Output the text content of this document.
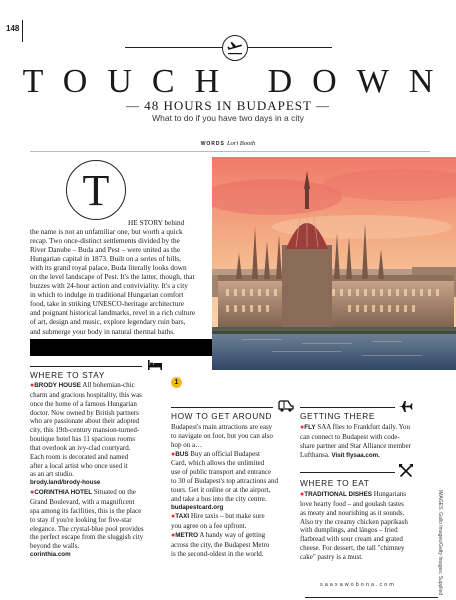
148
TOUCH DOWN
— 48 HOURS IN BUDAPEST —
What to do if you have two days in a city
WORDS Lori Booth
T
HE STORY behind
the name is not an unfamiliar one, but worth a quick
recap. Two once-distinct settlements divided by the
River Danube – Buda and Pest – were united as the
Hungarian capital in 1873. Built on a series of hills,
with its grand royal palace, Buda literally looks down
on the level landscape of Pest. It's the latter, though, that
buzzes with 24-hour action and conviviality. It's a city
in which to indulge in traditional Hungarian comfort
food, take in striking UNESCO-heritage architecture
and poignant historical landmarks, revel in a rich culture
of art, design and music, explore legendary ruin bars,
and submerge your body in natural thermal baths.
WHERE TO STAY
1
●BRODY HOUSE All bohemian-chic
charm and gracious hospitality, this was
once the home of a famous Hungarian
doctor. Now owned by British partners
who are passionate about their adopted
city, this 19th-century mansion-turned-
boutique hotel has 11 spacious rooms
that overlook an ivy-clad courtyard.
Each room is decorated and named
after a local artist who once used it
as an art studio.
brody.land/brody-house
●CORINTHIA HOTEL Situated on the
Grand Boulevard, with a magnificent
spa among its facilities, this is the place
to stay if you're looking for five-star
elegance. The crystal-blue pool provides
the perfect escape from the sluggish city
beyond the walls.
corinthia.com
HOW TO GET AROUND
Budapest's main attractions are easy
to navigate on foot, but you can also
hop on a…
●BUS Buy an official Budapest
Card, which allows the unlimited
use of public transport and entrance
to 30 of Budapest's top attractions and
tours. Get it online or at the airport,
and take a bus into the city centre.
budapestcard.org
●TAXI Hire taxis – but make sure
you agree on a fee upfront.
●METRO A handy way of getting
across the city, the Budapest Metro
is the second-oldest in the world.
GETTING THERE
●FLY SAA flies to Frankfurt daily. You
can connect to Budapest with code-
share partner and Star Alliance member
Lufthansa. Visit flysaa.com.
WHERE TO EAT
●TRADITIONAL DISHES Hungarians
love hearty food – and goulash tastes
as meaty and nourishing as it sounds.
Also try the creamy chicken paprikash
with dumplings, and lángos – fried
flatbread with sour cream and grated
cheese. For dessert, the tall "chimney
cake" pastry is a must.	IMAGES: Gallo Images/Getty Images; Supplied
saaxawobona.com
